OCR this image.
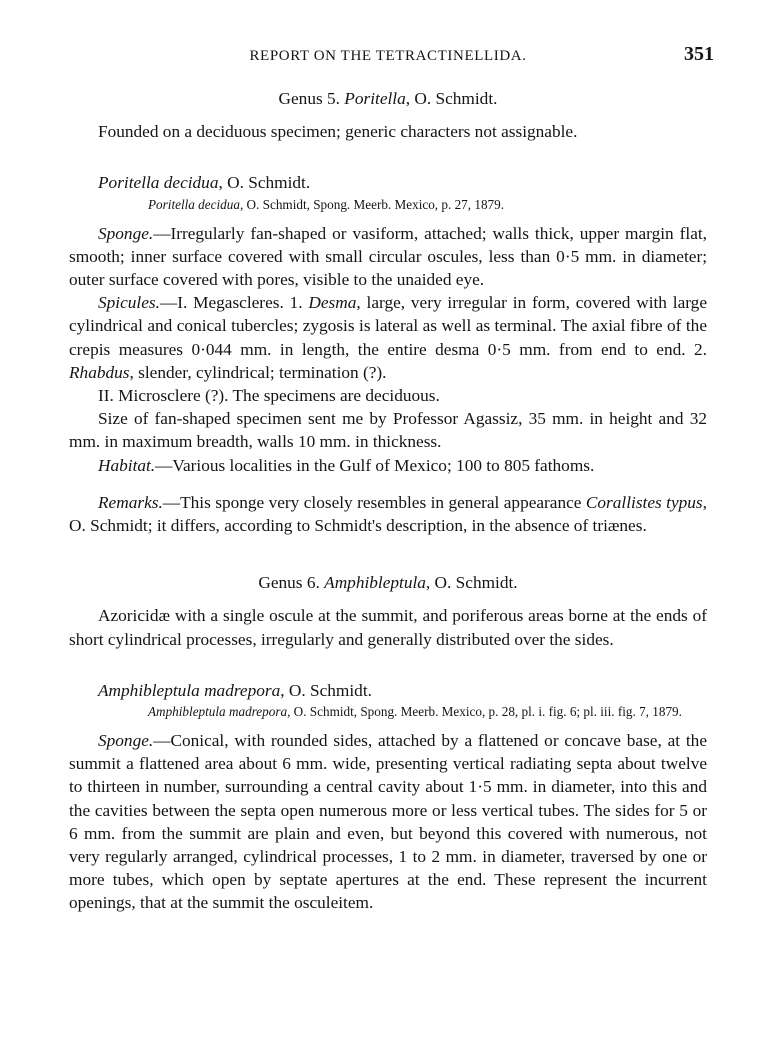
REPORT ON THE TETRACTINELLIDA.	351
Genus 5. Poritella, O. Schmidt.

Founded on a deciduous specimen; generic characters not assignable.

Poritella decidua, O. Schmidt.

Poritella decidua, O. Schmidt, Spong. Meerb. Mexico, p. 27, 1879.

Sponge.—Irregularly fan-shaped or vasiform, attached; walls thick, upper margin flat, smooth; inner surface covered with small circular oscules, less than 0·5 mm. in diameter; outer surface covered with pores, visible to the unaided eye.

Spicules.—I. Megascleres. 1. Desma, large, very irregular in form, covered with large cylindrical and conical tubercles; zygosis is lateral as well as terminal. The axial fibre of the crepis measures 0·044 mm. in length, the entire desma 0·5 mm. from end to end. 2. Rhabdus, slender, cylindrical; termination (?).

II. Microsclere (?). The specimens are deciduous.

Size of fan-shaped specimen sent me by Professor Agassiz, 35 mm. in height and 32 mm. in maximum breadth, walls 10 mm. in thickness.

Habitat.—Various localities in the Gulf of Mexico; 100 to 805 fathoms.

Remarks.—This sponge very closely resembles in general appearance Corallistes typus, O. Schmidt; it differs, according to Schmidt's description, in the absence of triænes.

Genus 6. Amphibleptula, O. Schmidt.

Azoricidæ with a single oscule at the summit, and poriferous areas borne at the ends of short cylindrical processes, irregularly and generally distributed over the sides.

Amphibleptula madrepora, O. Schmidt.

Amphibleptula madrepora, O. Schmidt, Spong. Meerb. Mexico, p. 28, pl. i. fig. 6; pl. iii. fig. 7, 1879.

Sponge.—Conical, with rounded sides, attached by a flattened or concave base, at the summit a flattened area about 6 mm. wide, presenting vertical radiating septa about twelve to thirteen in number, surrounding a central cavity about 1·5 mm. in diameter, into this and the cavities between the septa open numerous more or less vertical tubes. The sides for 5 or 6 mm. from the summit are plain and even, but beyond this covered with numerous, not very regularly arranged, cylindrical processes, 1 to 2 mm. in diameter, traversed by one or more tubes, which open by septate apertures at the end. These represent the incurrent openings, that at the summit the osculeitem.
